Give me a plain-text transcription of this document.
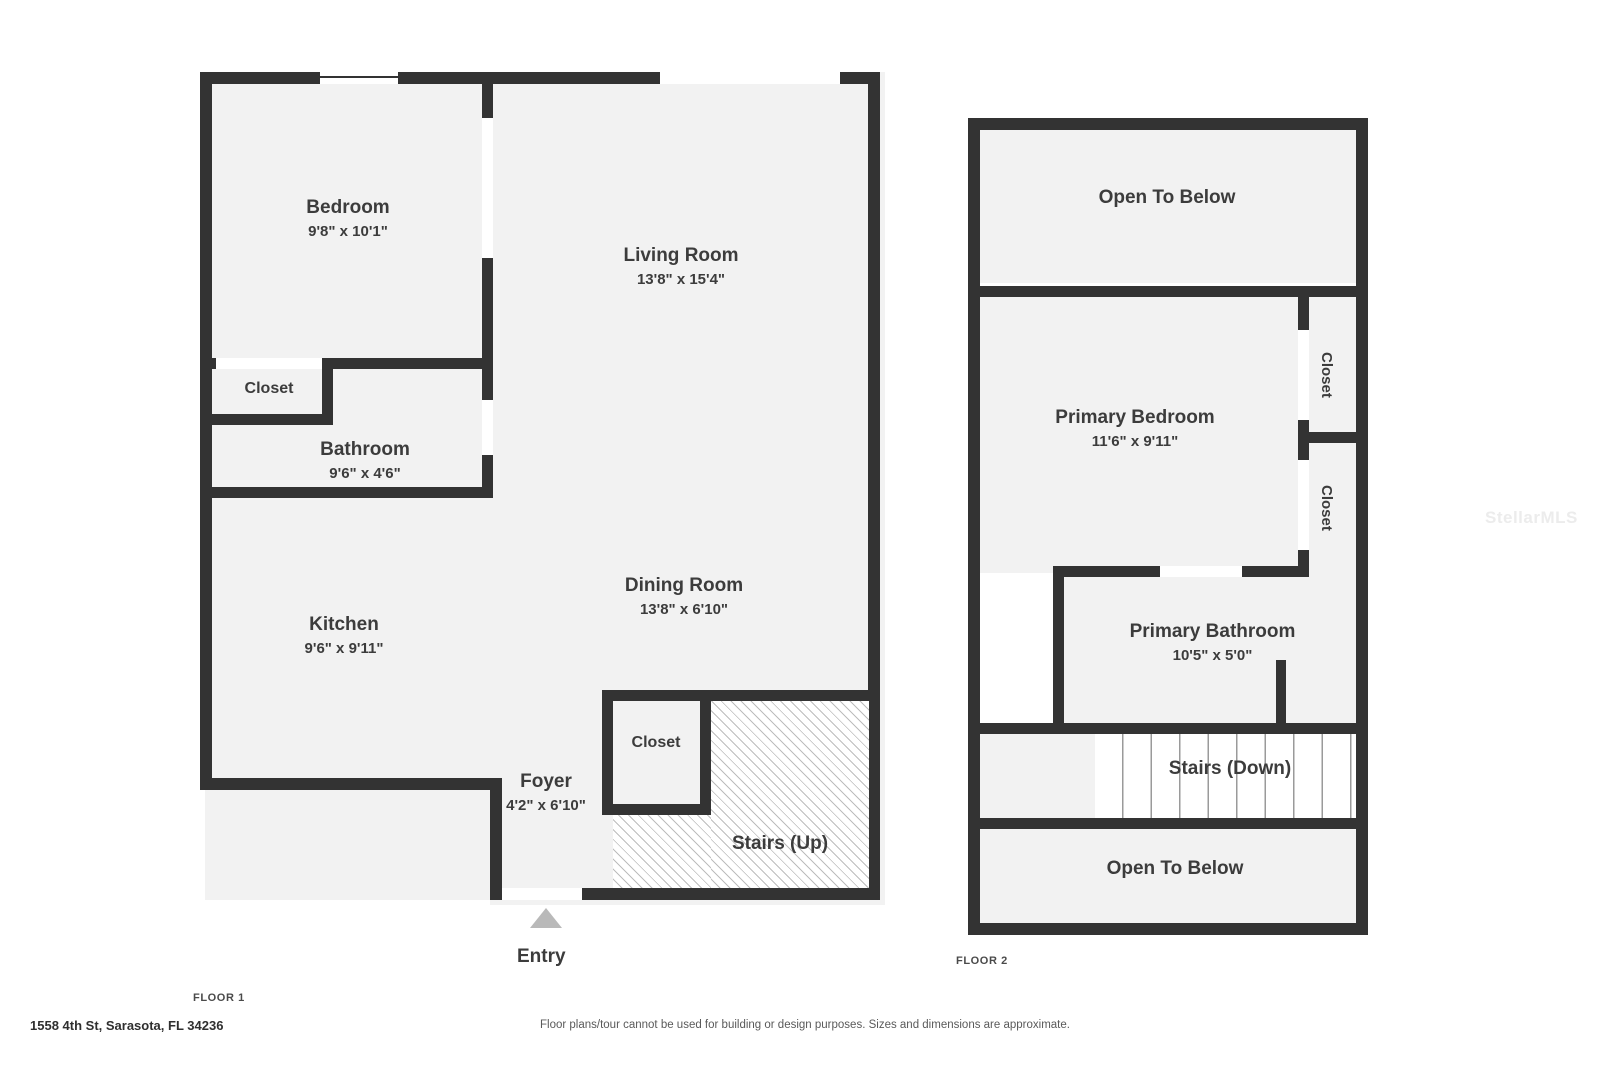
Bedroom
9'8" x 10'1"
Living Room
13'8" x 15'4"
Closet
Bathroom
9'6" x 4'6"
Kitchen
9'6" x 9'11"
Dining Room
13'8" x 6'10"
Closet
Foyer
4'2" x 6'10"
Stairs (Up)
Entry
FLOOR 1
Open To Below
Primary Bedroom
11'6" x 9'11"
Closet
Closet
Primary Bathroom
10'5" x 5'0"
Stairs (Down)
Open To Below
FLOOR 2
StellarMLS
1558 4th St, Sarasota, FL 34236	Floor plans/tour cannot be used for building or design purposes. Sizes and dimensions are approximate.
